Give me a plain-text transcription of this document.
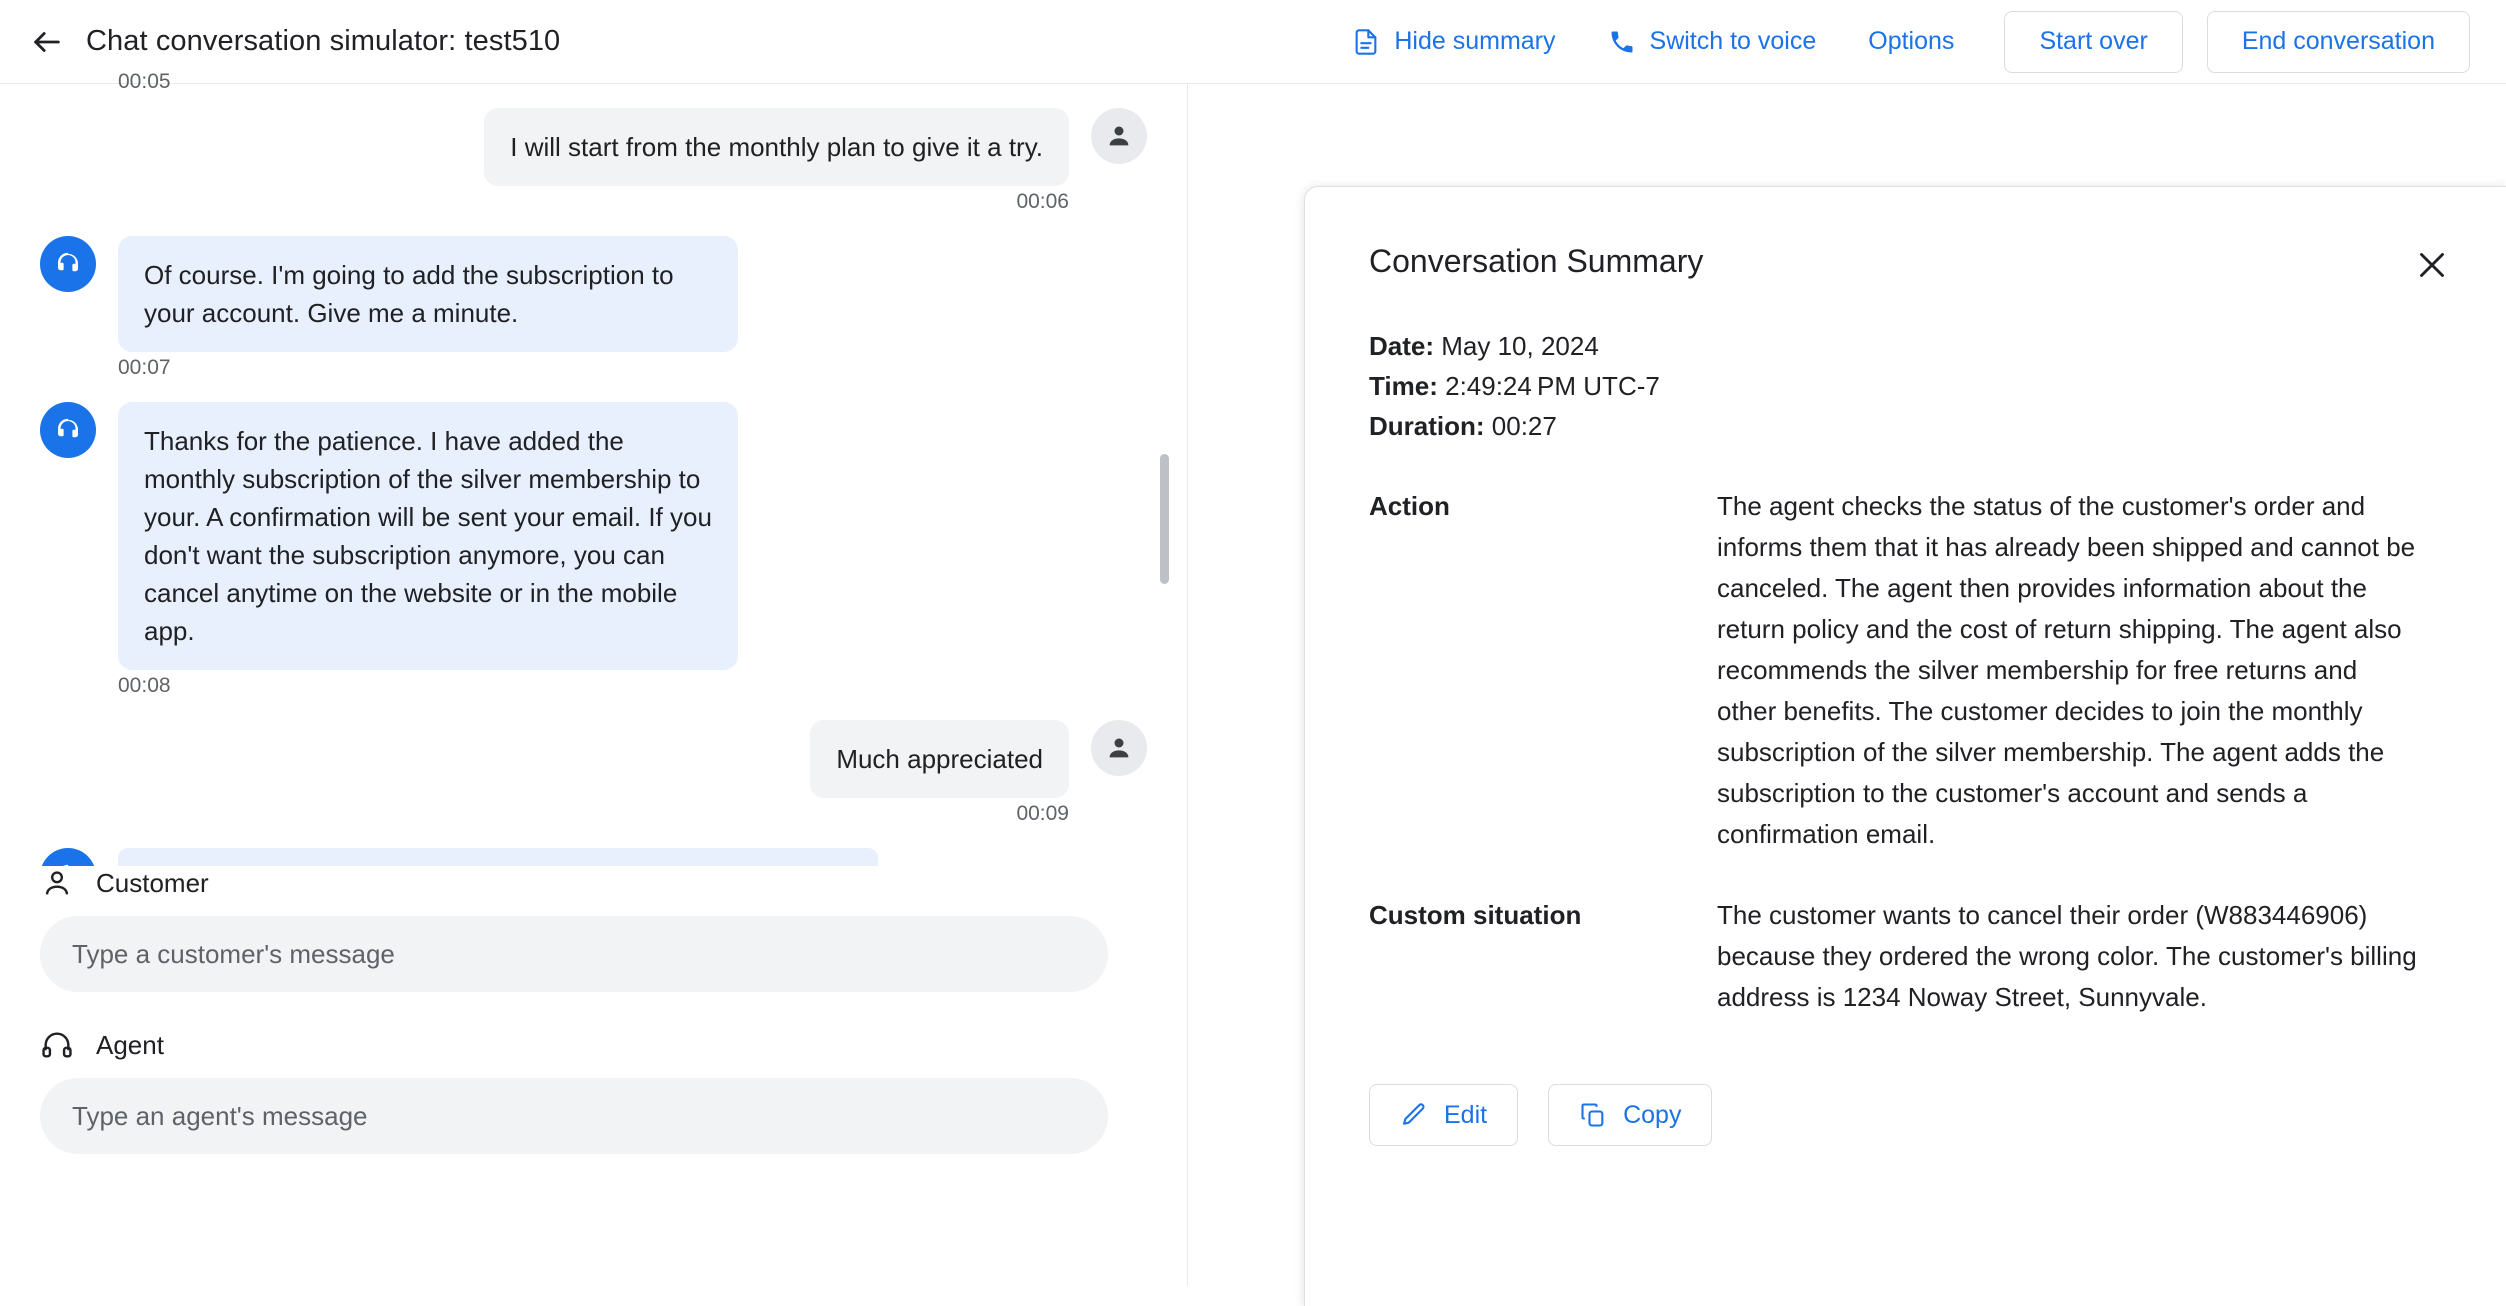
Chat conversation simulator: test510	Hide summary	Switch to voice Options	Start over	End conversation
00:05
I will start from the monthly plan to give it a try.
00:06
Of course. I'm going to add the subscription to your account. Give me a minute.
00:07
Thanks for the patience. I have added the monthly subscription of the silver membership to your. A confirmation will be sent your email. If you don't want the subscription anymore, you can cancel anytime on the website or in the mobile app.
00:08
Much appreciated
00:09
Customer
Type a customer's message
Agent
Type an agent's message
Conversation Summary
Date: May 10, 2024
Time: 2:49:24 PM UTC-7
Duration: 00:27
Action	The agent checks the status of the customer's order and informs them that it has already been shipped and cannot be canceled. The agent then provides information about the return policy and the cost of return shipping. The agent also recommends the silver membership for free returns and other benefits. The customer decides to join the monthly subscription of the silver membership. The agent adds the subscription to the customer's account and sends a confirmation email.
Custom situation	The customer wants to cancel their order (W883446906) because they ordered the wrong color. The customer's billing address is 1234 Noway Street, Sunnyvale.
Edit	Copy
